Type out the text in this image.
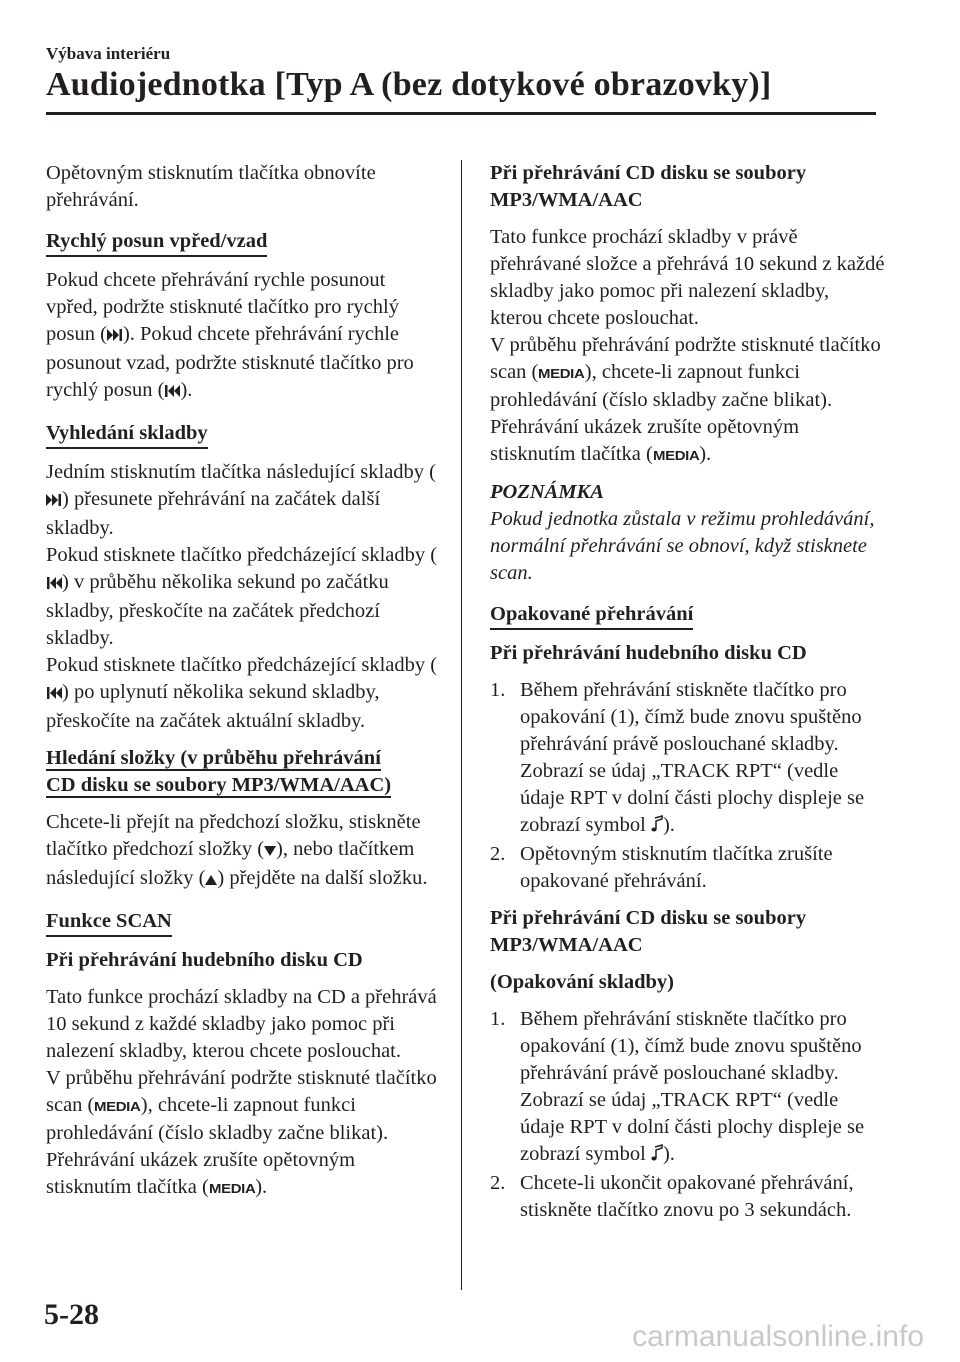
Výbava interiéru
Audiojednotka [Typ A (bez dotykové obrazovky)]

Opětovným stisknutím tlačítka obnovíte přehrávání.

Rychlý posun vpřed/vzad

Pokud chcete přehrávání rychle posunout vpřed, podržte stisknuté tlačítko pro rychlý posun ( ). Pokud chcete přehrávání rychle posunout vzad, podržte stisknuté tlačítko pro rychlý posun ( ).

Vyhledání skladby

Jedním stisknutím tlačítka následující skladby () přesunete přehrávání na začátek další skladby.

Pokud stisknete tlačítko předcházející skladby () v průběhu několika sekund po začátku skladby, přeskočíte na začátek předchozí skladby.

Pokud stisknete tlačítko předcházející skladby () po uplynutí několika sekund skladby, přeskočíte na začátek aktuální skladby.

Hledání složky (v průběhu přehrávání
CD disku se soubory MP3/WMA/AAC)

Chcete-li přejít na předchozí složku, stiskněte tlačítko předchozí složky ( ), nebo tlačítkem následující složky ( ) přejděte na další složku.

Funkce SCAN

Při přehrávání hudebního disku CD

Tato funkce prochází skladby na CD a přehrává 10 sekund z každé skladby jako pomoc při nalezení skladby, kterou chcete poslouchat.

V průběhu přehrávání podržte stisknuté tlačítko scan (MEDIA), chcete-li zapnout funkci prohledávání (číslo skladby začne blikat). Přehrávání ukázek zrušíte opětovným stisknutím tlačítka (MEDIA).

Při přehrávání CD disku se soubory MP3/WMA/AAC

Tato funkce prochází skladby v právě přehrávané složce a přehrává 10 sekund z každé skladby jako pomoc při nalezení skladby, kterou chcete poslouchat.

V průběhu přehrávání podržte stisknuté tlačítko scan (MEDIA), chcete-li zapnout funkci prohledávání (číslo skladby začne blikat).

Přehrávání ukázek zrušíte opětovným stisknutím tlačítka (MEDIA).

POZNÁMKA

Pokud jednotka zůstala v režimu prohledávání, normální přehrávání se obnoví, když stisknete scan.

Opakované přehrávání

Při přehrávání hudebního disku CD

1. Během přehrávání stiskněte tlačítko pro opakování (1), čímž bude znovu spuštěno přehrávání právě poslouchané skladby. Zobrazí se údaj „TRACK RPT“ (vedle údaje RPT v dolní části plochy displeje se zobrazí symbol ).
2. Opětovným stisknutím tlačítka zrušíte opakované přehrávání.

Při přehrávání CD disku se soubory MP3/WMA/AAC

(Opakování skladby)

1. Během přehrávání stiskněte tlačítko pro opakování (1), čímž bude znovu spuštěno přehrávání právě poslouchané skladby. Zobrazí se údaj „TRACK RPT“ (vedle údaje RPT v dolní části plochy displeje se zobrazí symbol ).
2. Chcete-li ukončit opakované přehrávání, stiskněte tlačítko znovu po 3 sekundách.
5-28
carmanualsonline.info
